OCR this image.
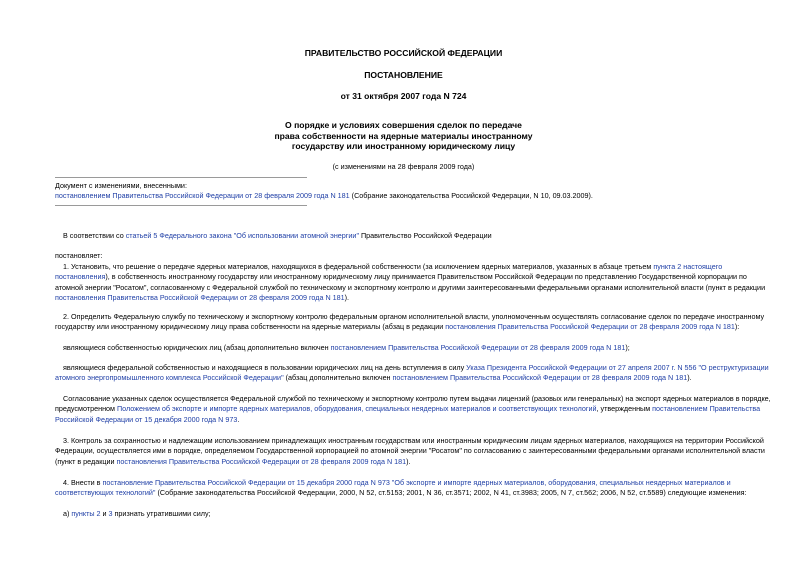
ПРАВИТЕЛЬСТВО РОССИЙСКОЙ ФЕДЕРАЦИИ
ПОСТАНОВЛЕНИЕ
от 31 октября 2007 года N 724
О порядке и условиях совершения сделок по передаче
права собственности на ядерные материалы иностранному
государству или иностранному юридическому лицу
(с изменениями на 28 февраля 2009 года)
Документ с изменениями, внесенными:
постановлением Правительства Российской Федерации от 28 февраля 2009 года N 181 (Собрание законодательства Российской Федерации, N 10, 09.03.2009).
В соответствии со статьей 5 Федерального закона "Об использовании атомной энергии" Правительство Российской Федерации
постановляет:
1. Установить, что решение о передаче ядерных материалов, находящихся в федеральной собственности (за исключением ядерных материалов, указанных в абзаце третьем пункта 2 настоящего постановления), в собственность иностранному государству или иностранному юридическому лицу принимается Правительством Российской Федерации по представлению Государственной корпорации по атомной энергии "Росатом", согласованному с Федеральной службой по техническому и экспортному контролю и другими заинтересованными федеральными органами исполнительной власти (пункт в редакции постановления Правительства Российской Федерации от 28 февраля 2009 года N 181).
2. Определить Федеральную службу по техническому и экспортному контролю федеральным органом исполнительной власти, уполномоченным осуществлять согласование сделок по передаче иностранному государству или иностранному юридическому лицу права собственности на ядерные материалы (абзац в редакции постановления Правительства Российской Федерации от 28 февраля 2009 года N 181):
являющиеся собственностью юридических лиц (абзац дополнительно включен постановлением Правительства Российской Федерации от 28 февраля 2009 года N 181);
являющиеся федеральной собственностью и находящиеся в пользовании юридических лиц на день вступления в силу Указа Президента Российской Федерации от 27 апреля 2007 г. N 556 "О реструктуризации атомного энергопромышленного комплекса Российской Федерации" (абзац дополнительно включен постановлением Правительства Российской Федерации от 28 февраля 2009 года N 181).
Согласование указанных сделок осуществляется Федеральной службой по техническому и экспортному контролю путем выдачи лицензий (разовых или генеральных) на экспорт ядерных материалов в порядке, предусмотренном Положением об экспорте и импорте ядерных материалов, оборудования, специальных неядерных материалов и соответствующих технологий, утвержденным постановлением Правительства Российской Федерации от 15 декабря 2000 года N 973.
3. Контроль за сохранностью и надлежащим использованием принадлежащих иностранным государствам или иностранным юридическим лицам ядерных материалов, находящихся на территории Российской Федерации, осуществляется ими в порядке, определяемом Государственной корпорацией по атомной энергии "Росатом" по согласованию с заинтересованными федеральными органами исполнительной власти (пункт в редакции постановления Правительства Российской Федерации от 28 февраля 2009 года N 181).
4. Внести в постановление Правительства Российской Федерации от 15 декабря 2000 года N 973 "Об экспорте и импорте ядерных материалов, оборудования, специальных неядерных материалов и соответствующих технологий" (Собрание законодательства Российской Федерации, 2000, N 52, ст.5153; 2001, N 36, ст.3571; 2002, N 41, ст.3983; 2005, N 7, ст.562; 2006, N 52, ст.5589) следующие изменения:
а) пункты 2 и 3 признать утратившими силу;
